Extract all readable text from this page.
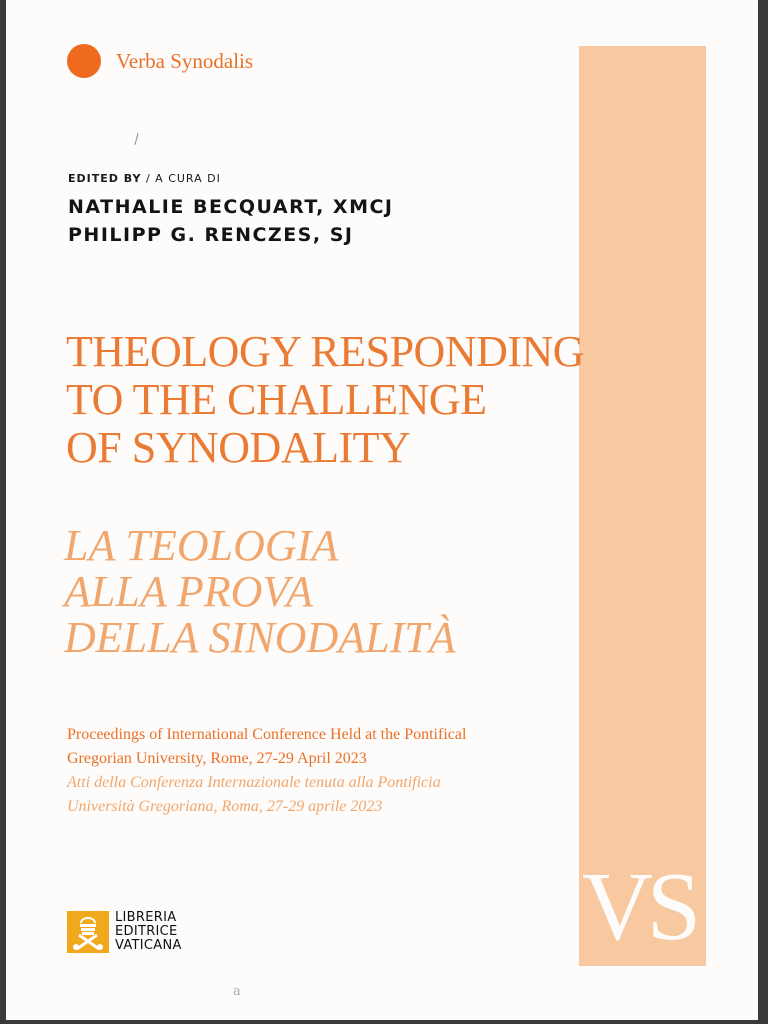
VS
Verba Synodalis
EDITED BY / A CURA DI
NATHALIE BECQUART, XMCJ
PHILIPP G. RENCZES, SJ
THEOLOGY RESPONDING
TO THE CHALLENGE
OF SYNODALITY
LA TEOLOGIA
ALLA PROVA
DELLA SINODALITÀ
Proceedings of International Conference Held at the Pontifical
Gregorian University, Rome, 27-29 April 2023
Atti della Conferenza Internazionale tenuta alla Pontificia
Università Gregoriana, Roma, 27-29 aprile 2023
LIBRERIA
EDITRICE
VATICANA
a
